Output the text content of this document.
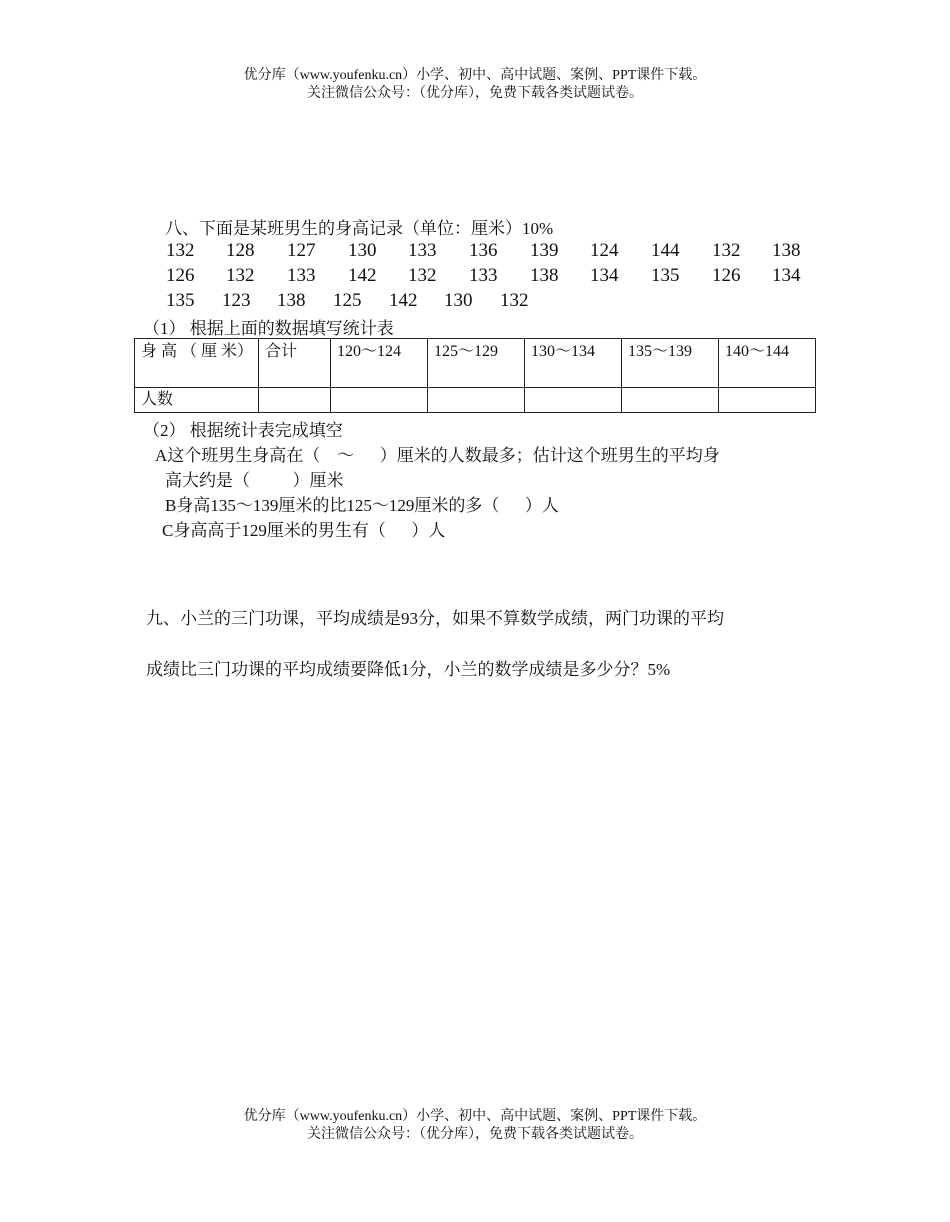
优分库（www.youfenku.cn）小学、初中、高中试题、案例、PPT课件下载。
关注微信公众号：（优分库），免费下载各类试题试卷。
八、下面是某班男生的身高记录（单位：厘米）10%
132 128 127 130 133 136 139 124 144 132 138
126 132 133 142 132 133 138 134 135 126 134
135 123 138 125 142 130 132
（1） 根据上面的数据填写统计表
身 高 （ 厘 米）	合计	120～124	125～129	130～134	135～139	140～144
人数						
（2） 根据统计表完成填空
A这个班男生身高在（    ～      ）厘米的人数最多；估计这个班男生的平均身
高大约是（          ）厘米
B身高135～139厘米的比125～129厘米的多（      ）人
C身高高于129厘米的男生有（      ）人
九、小兰的三门功课，平均成绩是93分，如果不算数学成绩，两门功课的平均
成绩比三门功课的平均成绩要降低1分，小兰的数学成绩是多少分？5%
优分库（www.youfenku.cn）小学、初中、高中试题、案例、PPT课件下载。
关注微信公众号：（优分库），免费下载各类试题试卷。
